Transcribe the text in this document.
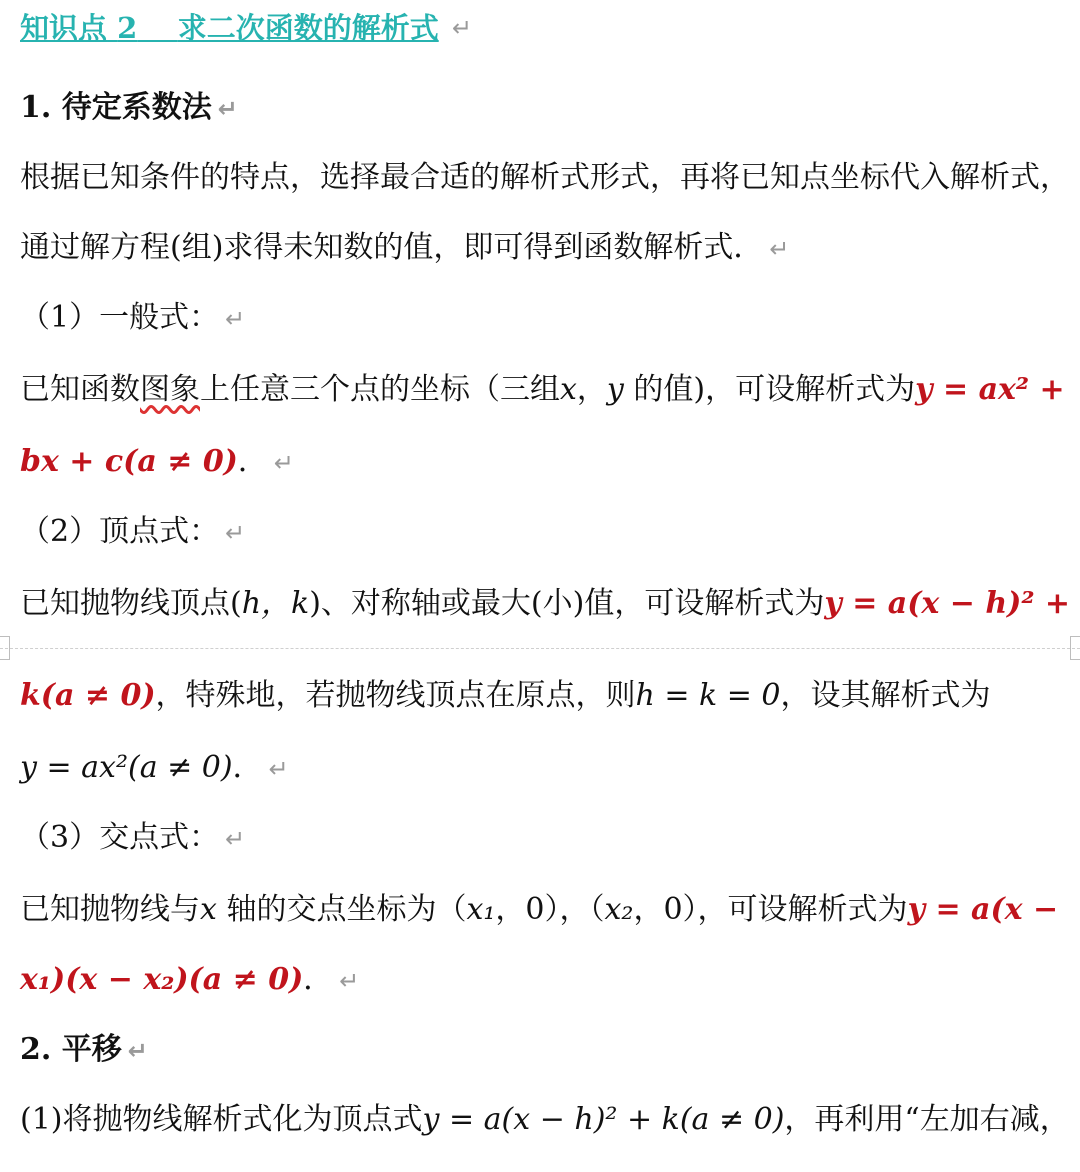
知识点 2 求二次函数的解析式 ↵
1. 待定系数法 ↵
根据已知条件的特点，选择最合适的解析式形式，再将已知点坐标代入解析式，
通过解方程(组)求得未知数的值，即可得到函数解析式． ↵
（1）一般式： ↵
已知函数图象上任意三个点的坐标（三组x，y 的值)，可设解析式为y = ax² +
bx + c(a ≠ 0)． ↵
（2）顶点式： ↵
已知抛物线顶点(h，k)、对称轴或最大(小)值，可设解析式为y = a(x − h)² +
k(a ≠ 0)，特殊地，若抛物线顶点在原点，则h = k = 0，设其解析式为
y = ax²(a ≠ 0)． ↵
（3）交点式： ↵
已知抛物线与x 轴的交点坐标为（x₁，0），（x₂，0），可设解析式为y = a(x −
x₁)(x − x₂)(a ≠ 0)． ↵
2. 平移 ↵
(1)将抛物线解析式化为顶点式y = a(x − h)² + k(a ≠ 0)，再利用“左加右减，
